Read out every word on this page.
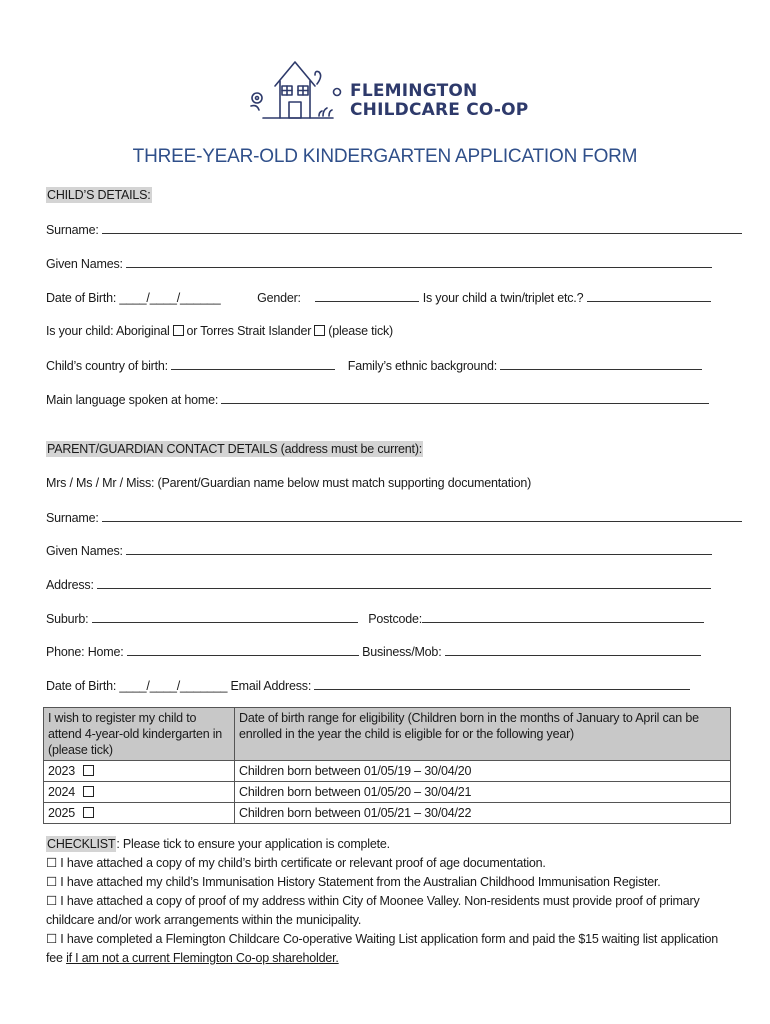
FLEMINGTON
CHILDCARE CO-OP
THREE-YEAR-OLD KINDERGARTEN APPLICATION FORM
CHILD’S DETAILS:
Surname:
Given Names:
Date of Birth: ____/____/______	Gender:	Is your child a twin/triplet etc.?
Is your child: Aboriginal or Torres Strait Islander (please tick)
Child’s country of birth:	Family’s ethnic background:
Main language spoken at home:
PARENT/GUARDIAN CONTACT DETAILS (address must be current):
Mrs / Ms / Mr / Miss: (Parent/Guardian name below must match supporting documentation)
Surname:
Given Names:
Address:
Suburb:	Postcode:
Phone: Home:	Business/Mob:
Date of Birth: ____/____/_______ Email Address:
I wish to register my child to attend 4-year-old kindergarten in (please tick)	Date of birth range for eligibility (Children born in the months of January to April can be enrolled in the year the child is eligible for or the following year)
2023	Children born between 01/05/19 – 30/04/20
2024	Children born between 01/05/20 – 30/04/21
2025	Children born between 01/05/21 – 30/04/22
CHECKLIST: Please tick to ensure your application is complete.
☐ I have attached a copy of my child’s birth certificate or relevant proof of age documentation.
☐ I have attached my child’s Immunisation History Statement from the Australian Childhood Immunisation Register.
☐ I have attached a copy of proof of my address within City of Moonee Valley. Non-residents must provide proof of primary childcare and/or work arrangements within the municipality.
☐ I have completed a Flemington Childcare Co-operative Waiting List application form and paid the $15 waiting list application fee if I am not a current Flemington Co-op shareholder.
